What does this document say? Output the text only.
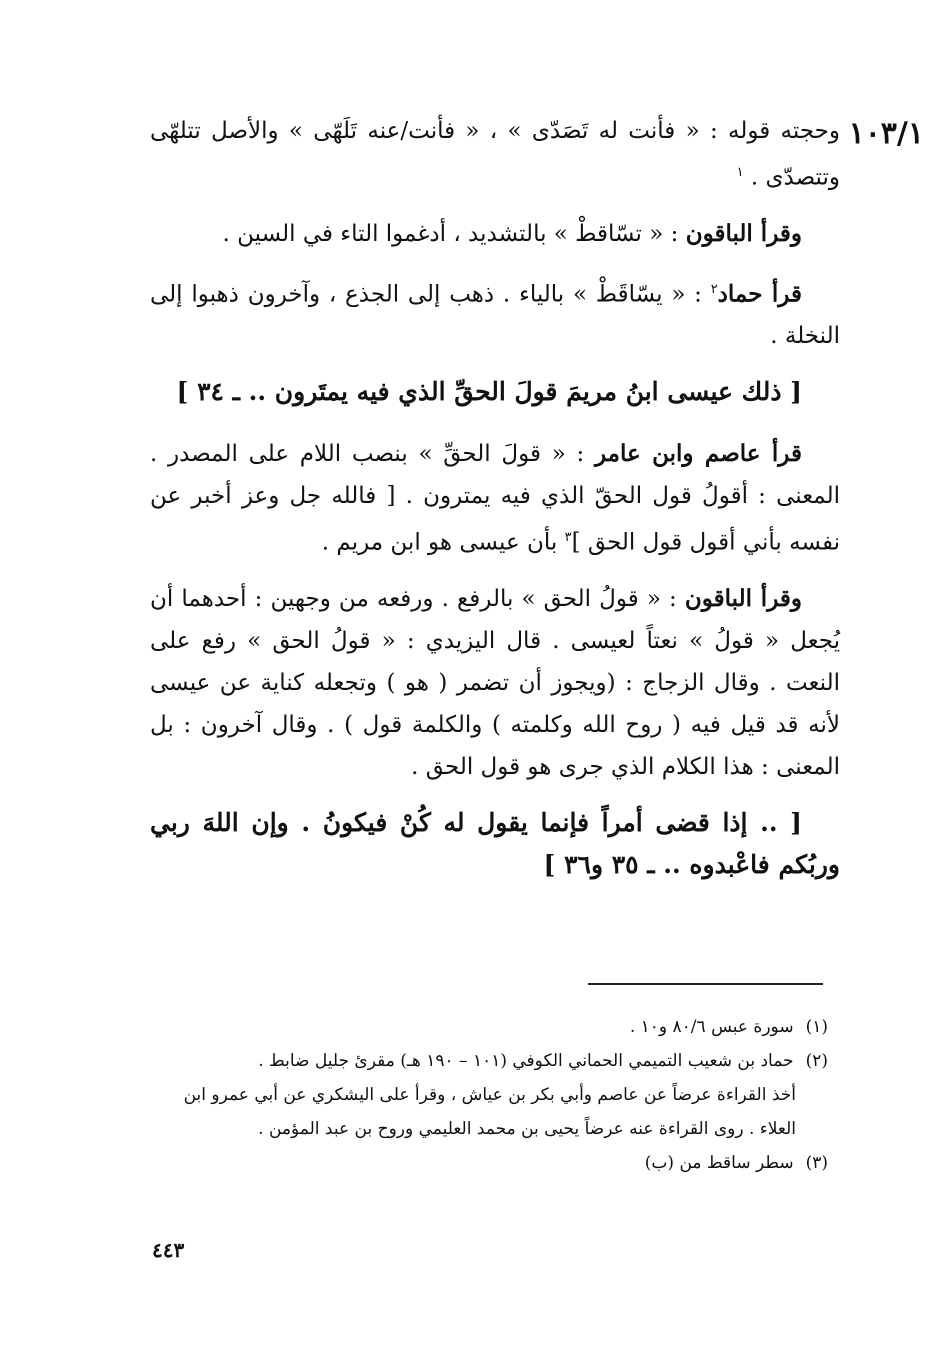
١٠٣/١

وحجته قوله : « فأنت له تَصَدّى » ، « فأنت/عنه تَلَهّى » والأصل تتلهّى وتتصدّى . $^١$

وقرأ الباقون : « تسّاقطْ » بالتشديد ، أدغموا التاء في السين .

قرأ حماد$^٢$ : « يسّاقَطْ » بالياء . ذهب إلى الجذع ، وآخرون ذهبوا إلى النخلة .

[ ذلك عيسى ابنُ مريمَ قولَ الحقِّ الذي فيه يمتَرون .. ـ ٣٤ ]

قرأ عاصم وابن عامر : « قولَ الحقِّ » بنصب اللام على المصدر . المعنى : أقولُ قول الحقّ الذي فيه يمترون . [ فالله جل وعز أخبر عن نفسه بأني أقول قول الحق ]$^٣$ بأن عيسى هو ابن مريم .

وقرأ الباقون : « قولُ الحق » بالرفع . ورفعه من وجهين : أحدهما أن يُجعل « قولُ » نعتاً لعيسى . قال اليزيدي : « قولُ الحق » رفع على النعت . وقال الزجاج : (ويجوز أن تضمر ( هو ) وتجعله كناية عن عيسى لأنه قد قيل فيه ( روح الله وكلمته ) والكلمة قول ) . وقال آخرون : بل المعنى : هذا الكلام الذي جرى هو قول الحق .

[ .. إذا قضى أمراً فإنما يقول له كُنْ فيكونُ . وإن اللهَ ربي وربُكم فاعْبدوه .. ـ ٣٥ و٣٦ ]

(١)سورة عبس ٨٠/٦ و١٠ .

(٢)حماد بن شعيب التميمي الحماني الكوفي (١٠١ – ١٩٠ هـ) مقرئ جليل ضابط .

أخذ القراءة عرضاً عن عاصم وأبي بكر بن عياش ، وقرأ على اليشكري عن أبي عمرو ابن العلاء . روى القراءة عنه عرضاً يحيى بن محمد العليمي وروح بن عبد المؤمن .

(٣)سطر ساقط من (ب)

٤٤٣
